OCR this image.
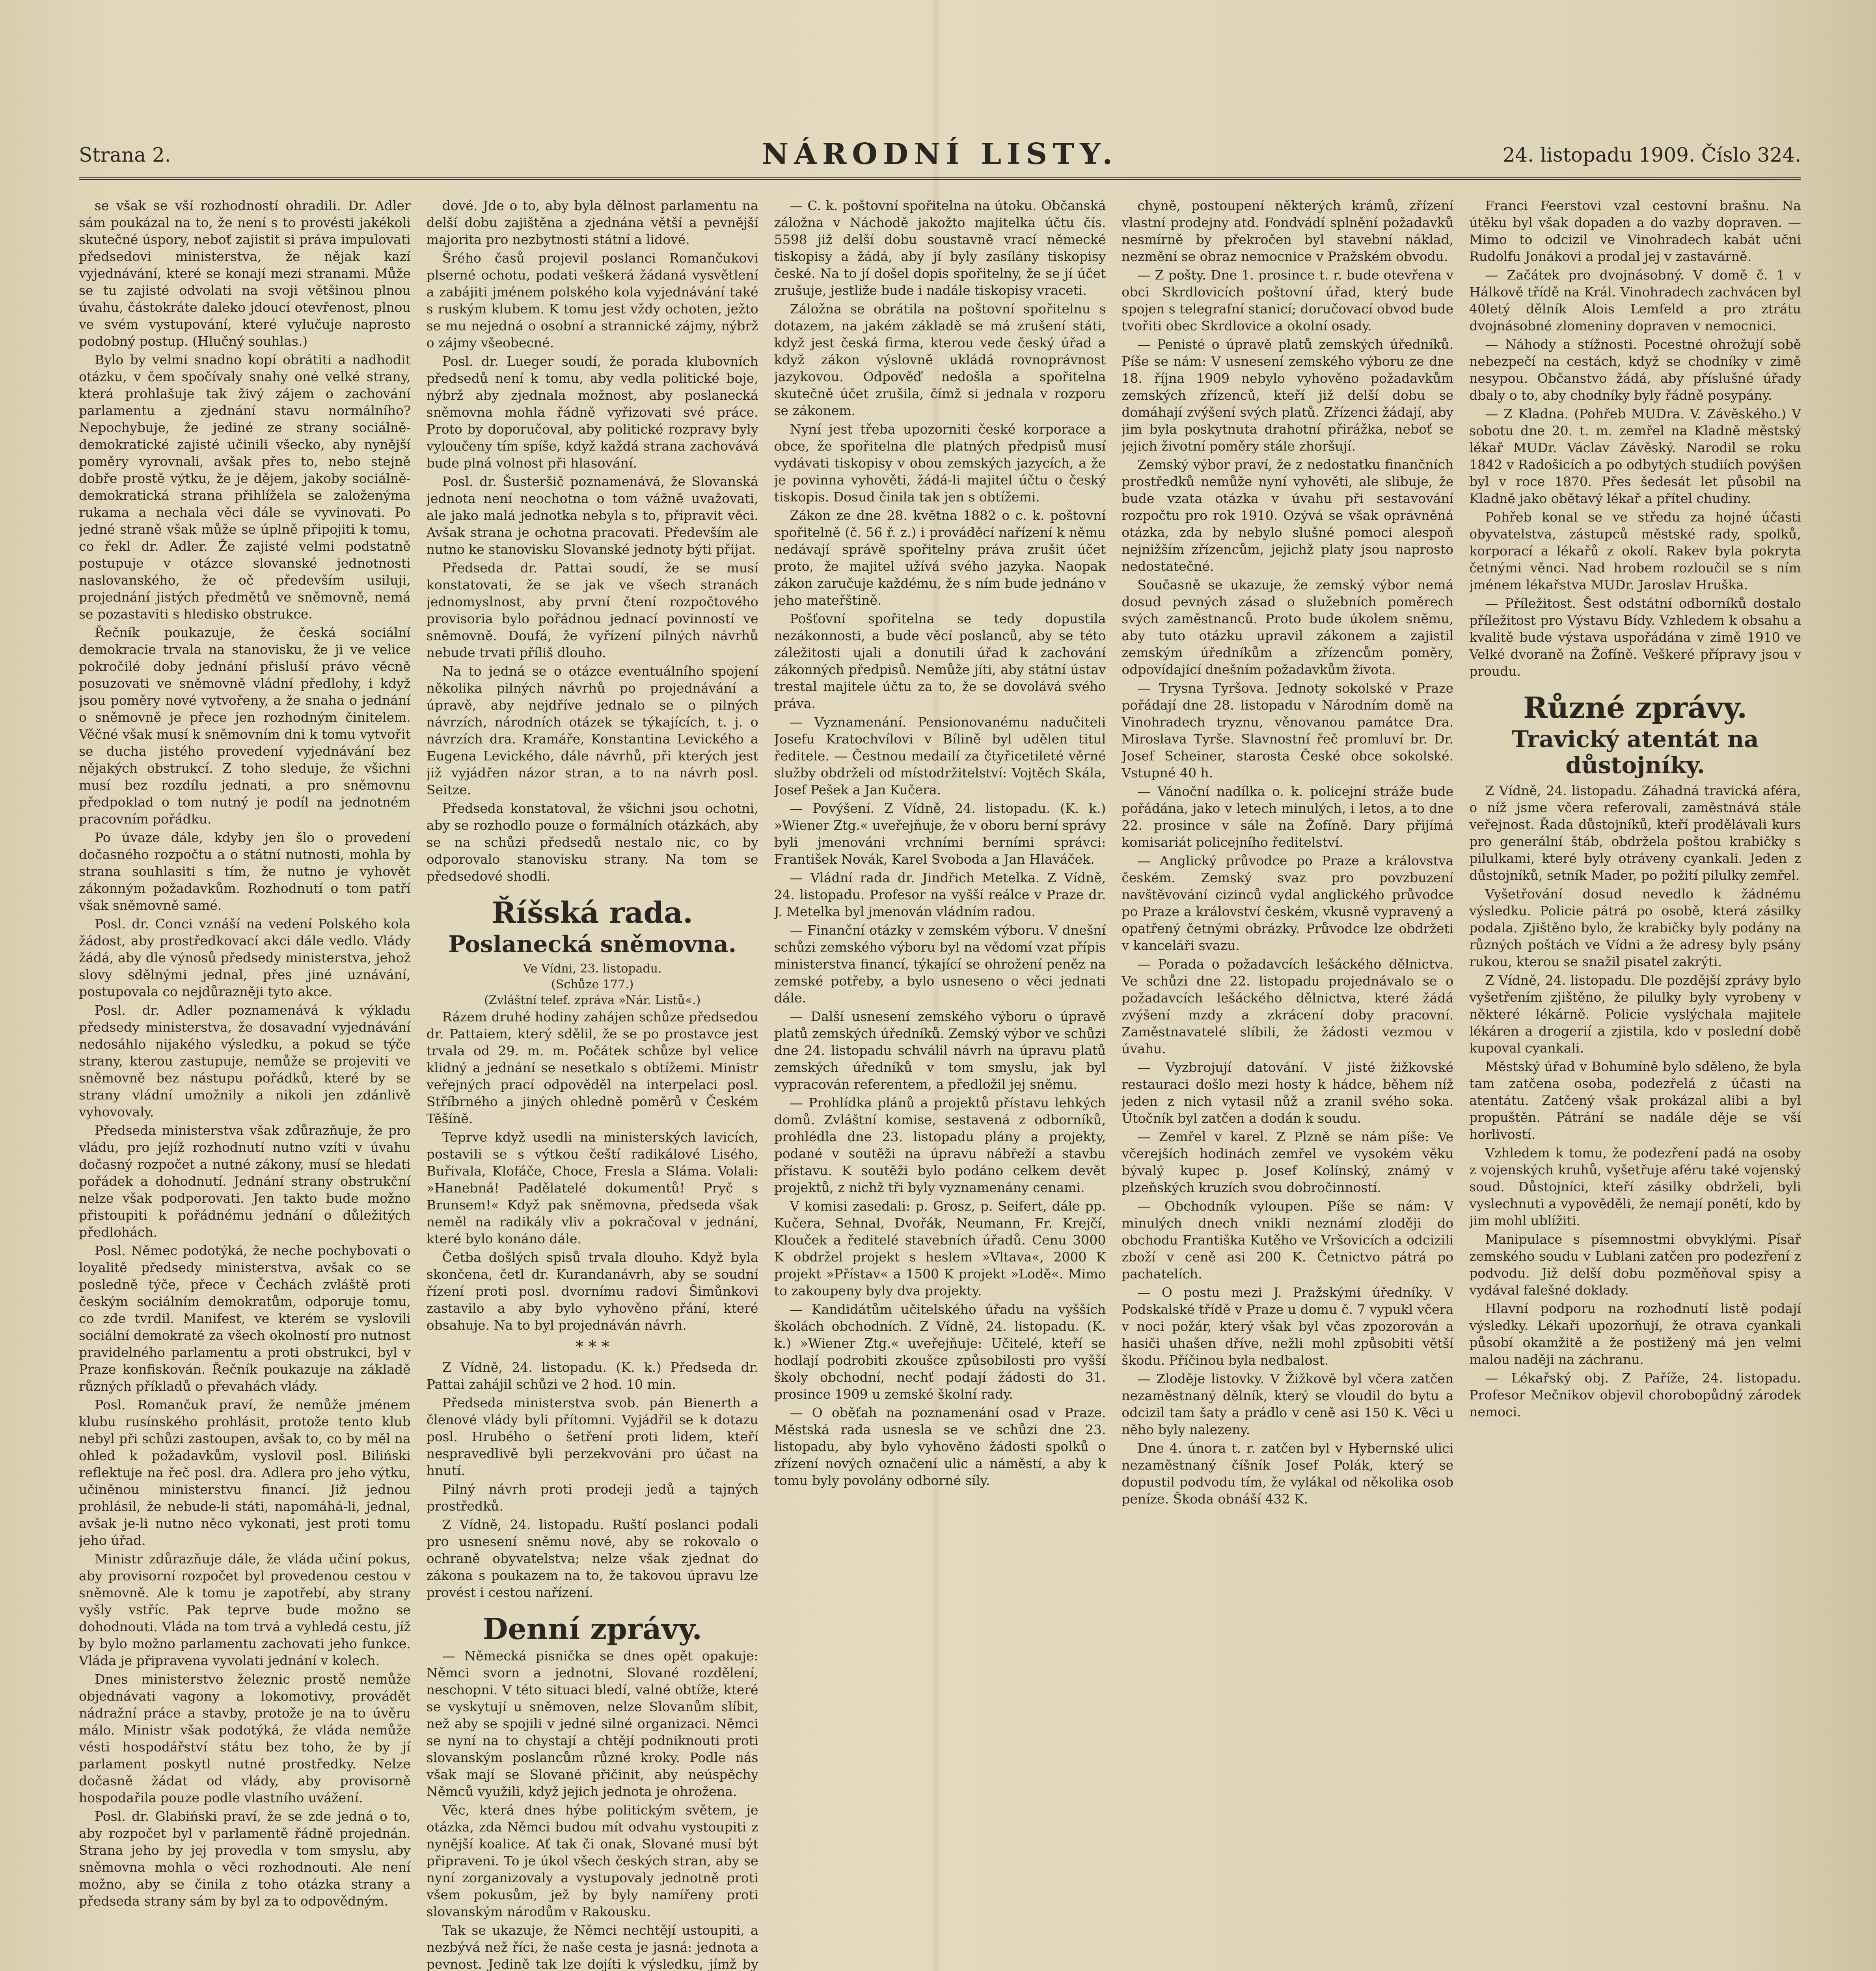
Strana 2.	NÁRODNÍ LISTY.	24. listopadu 1909. Číslo 324.

se však se vší rozhodností ohradili. Dr. Adler sám poukázal na to, že není s to provésti jakékoli skutečné úspory, neboť zajistit si práva impulovati předsedovi ministerstva, že nějak kazí vyjednávání, které se konají mezi stranami. Může se tu zajisté odvolati na svoji většinou plnou úvahu, částokráte daleko jdoucí otevřenost, plnou ve svém vystupování, které vylučuje naprosto podobný postup. (Hlučný souhlas.)

Bylo by velmi snadno kopí obrátiti a nadhodit otázku, v čem spočívaly snahy oné velké strany, která prohlašuje tak živý zájem o zachování parlamentu a zjednání stavu normálního? Nepochybuje, že jediné ze strany sociálně-demokratické zajisté učinili všecko, aby nynější poměry vyrovnali, avšak přes to, nebo stejně dobře prostě výtku, že je dějem, jakoby sociálně-demokratická strana přihlížela se založenýma rukama a nechala věci dále se vyvinovati. Po jedné straně však může se úplně připojiti k tomu, co řekl dr. Adler. Že zajisté velmi podstatně postupuje v otázce slovanské jednotnosti naslovanského, že oč především usiluji, projednání jistých předmětů ve sněmovně, nemá se pozastaviti s hledisko obstrukce.

Řečník poukazuje, že česká sociální demokracie trvala na stanovisku, že ji ve velice pokročilé doby jednání přisluší právo věcně posuzovati ve sněmovně vládní předlohy, i když jsou poměry nové vytvořeny, a že snaha o jednání o sněmovně je přece jen rozhodným činitelem. Věčné však musí k sněmovním dni k tomu vytvořit se ducha jistého provedení vyjednávání bez nějakých obstrukcí. Z toho sleduje, že všichni musí bez rozdílu jednati, a pro sněmovnu předpoklad o tom nutný je podíl na jednotném pracovním pořádku.

Po úvaze dále, kdyby jen šlo o provedení dočasného rozpočtu a o státní nutnosti, mohla by strana souhlasiti s tím, že nutno je vyhovět zákonným požadavkům. Rozhodnutí o tom patří však sněmovně samé.

Posl. dr. Conci vznáší na vedení Polského kola žádost, aby prostředkovací akci dále vedlo. Vlády žádá, aby dle výnosů předsedy ministerstva, jehož slovy sdělnými jednal, přes jiné uznávání, postupovala co nejdůrazněji tyto akce.

Posl. dr. Adler poznamenává k výkladu předsedy ministerstva, že dosavadní vyjednávání nedosáhlo nijakého výsledku, a pokud se týče strany, kterou zastupuje, nemůže se projeviti ve sněmovně bez nástupu pořádků, které by se strany vládní umožnily a nikoli jen zdánlivě vyhovovaly.

Předseda ministerstva však zdůrazňuje, že pro vládu, pro jejíž rozhodnutí nutno vzíti v úvahu dočasný rozpočet a nutné zákony, musí se hledati pořádek a dohodnutí. Jednání strany obstrukční nelze však podporovati. Jen takto bude možno přistoupiti k pořádnému jednání o důležitých předlohách.

Posl. Němec podotýká, že neche pochybovati o loyalitě předsedy ministerstva, avšak co se posledně týče, přece v Čechách zvláště proti českým sociálním demokratům, odporuje tomu, co zde tvrdil. Manifest, ve kterém se vyslovili sociální demokraté za všech okolností pro nutnost pravidelného parlamentu a proti obstrukci, byl v Praze konfiskován. Řečník poukazuje na základě různých příkladů o převahách vlády.

Posl. Romančuk praví, že nemůže jménem klubu rusínského prohlásit, protože tento klub nebyl při schůzi zastoupen, avšak to, co by měl na ohled k požadavkům, vyslovil posl. Biliński reflektuje na řeč posl. dra. Adlera pro jeho výtku, učiněnou ministerstvu financí. Již jednou prohlásil, že nebude-li státi, napomáhá-li, jednal, avšak je-li nutno něco vykonati, jest proti tomu jeho úřad.

Ministr zdůrazňuje dále, že vláda učiní pokus, aby provisorní rozpočet byl provedenou cestou v sněmovně. Ale k tomu je zapotřebí, aby strany vyšly vstříc. Pak teprve bude možno se dohodnouti. Vláda na tom trvá a vyhledá cestu, jíž by bylo možno parlamentu zachovati jeho funkce. Vláda je připravena vyvolati jednání v kolech.

Dnes ministerstvo železnic prostě nemůže objednávati vagony a lokomotivy, provádět nádražní práce a stavby, protože je na to úvěru málo. Ministr však podotýká, že vláda nemůže vésti hospodářství státu bez toho, že by jí parlament poskytl nutné prostředky. Nelze dočasně žádat od vlády, aby provisorně hospodařila pouze podle vlastního uvážení.

Posl. dr. Glabiński praví, že se zde jedná o to, aby rozpočet byl v parlamentě řádně projednán. Strana jeho by jej provedla v tom smyslu, aby sněmovna mohla o věci rozhodnouti. Ale není možno, aby se činila z toho otázka strany a předseda strany sám by byl za to odpovědným.

dové. Jde o to, aby byla dělnost parlamentu na delší dobu zajištěna a zjednána větší a pevnější majorita pro nezbytnosti státní a lidové.

Šrého časů projevil poslanci Romančukovi plserné ochotu, podati veškerá žádaná vysvětlení a zabájiti jménem polského kola vyjednávání také s ruským klubem. K tomu jest vždy ochoten, ježto se mu nejedná o osobní a strannické zájmy, nýbrž o zájmy všeobecné.

Posl. dr. Lueger soudí, že porada klubovních předsedů není k tomu, aby vedla politické boje, nýbrž aby zjednala možnost, aby poslanecká sněmovna mohla řádně vyřizovati své práce. Proto by doporučoval, aby politické rozpravy byly vyloučeny tím spíše, když každá strana zachovává bude plná volnost při hlasování.

Posl. dr. Šusteršič poznamenává, že Slovanská jednota není neochotna o tom vážně uvažovati, ale jako malá jednotka nebyla s to, připravit věci. Avšak strana je ochotna pracovati. Především ale nutno ke stanovisku Slovanské jednoty býti přijat.

Předseda dr. Pattai soudí, že se musí konstatovati, že se jak ve všech stranách jednomyslnost, aby první čtení rozpočtového provisoria bylo pořádnou jednací povinností ve sněmovně. Doufá, že vyřízení pilných návrhů nebude trvati příliš dlouho.

Na to jedná se o otázce eventuálního spojení několika pilných návrhů po projednávání a úpravě, aby nejdříve jednalo se o pilných návrzích, národních otázek se týkajících, t. j. o návrzích dra. Kramáře, Konstantina Levického a Eugena Levického, dále návrhů, při kterých jest již vyjádřen názor stran, a to na návrh posl. Seitze.

Předseda konstatoval, že všichni jsou ochotni, aby se rozhodlo pouze o formálních otázkách, aby se na schůzi předsedů nestalo nic, co by odporovalo stanovisku strany. Na tom se předsedové shodli.

Říšská rada.
Poslanecká sněmovna.
Ve Vídni, 23. listopadu.
(Schůze 177.)
(Zvláštní telef. zpráva »Nár. Listů«.)

Rázem druhé hodiny zahájen schůze předsedou dr. Pattaiem, který sdělil, že se po prostavce jest trvala od 29. m. m. Počátek schůze byl velice klidný a jednání se nesetkalo s obtížemi. Ministr veřejných prací odpověděl na interpelaci posl. Stříbrného a jiných ohledně poměrů v Českém Těšíně.

Teprve když usedli na ministerských lavicích, postavili se s výtkou čeští radikálové Lisého, Buřivala, Klofáče, Choce, Fresla a Sláma. Volali: »Hanebná! Padělatelé dokumentů! Pryč s Brunsem!« Když pak sněmovna, předseda však neměl na radikály vliv a pokračoval v jednání, které bylo konáno dále.

Četba došlých spisů trvala dlouho. Když byla skončena, četl dr. Kurandanávrh, aby se soudní řízení proti posl. dvornímu radovi Šimůnkovi zastavilo a aby bylo vyhověno přání, které obsahuje. Na to byl projednáván návrh.

* * *

Z Vídně, 24. listopadu. (K. k.) Předseda dr. Pattai zahájil schůzi ve 2 hod. 10 min.

Předseda ministerstva svob. pán Bienerth a členové vlády byli přítomni. Vyjádřil se k dotazu posl. Hrubého o šetření proti lidem, kteří nespravedlivě byli perzekvováni pro účast na hnutí.

Pilný návrh proti prodeji jedů a tajných prostředků.

Z Vídně, 24. listopadu. Ruští poslanci podali pro usnesení sněmu nové, aby se rokovalo o ochraně obyvatelstva; nelze však zjednat do zákona s poukazem na to, že takovou úpravu lze provést i cestou nařízení.

Denní zprávy.

— Německá pisnička se dnes opět opakuje: Němci svorn a jednotni, Slované rozdělení, neschopni. V této situaci bledí, valné obtíže, které se vyskytují u sněmoven, nelze Slovanům slíbit, než aby se spojili v jedné silné organizaci. Němci se nyní na to chystají a chtějí podniknouti proti slovanským poslancům různé kroky. Podle nás však mají se Slované přičinit, aby neúspěchy Němců využili, když jejich jednota je ohrožena.

Věc, která dnes hýbe politickým světem, je otázka, zda Němci budou mít odvahu vystoupiti z nynější koalice. Ať tak či onak, Slované musí být připraveni. To je úkol všech českých stran, aby se nyní zorganizovaly a vystupovaly jednotně proti všem pokusům, jež by byly namířeny proti slovanským národům v Rakousku.

Tak se ukazuje, že Němci nechtějí ustoupiti, a nezbývá než říci, že naše cesta je jasná: jednota a pevnost. Jedině tak lze dojíti k výsledku, jímž by

— C. k. poštovní spořitelna na útoku. Občanská záložna v Náchodě jakožto majitelka účtu čís. 5598 již delší dobu soustavně vrací německé tiskopisy a žádá, aby jí byly zasílány tiskopisy české. Na to jí došel dopis spořitelny, že se jí účet zrušuje, jestliže bude i nadále tiskopisy vraceti.

Záložna se obrátila na poštovní spořitelnu s dotazem, na jakém základě se má zrušení státi, když jest česká firma, kterou vede český úřad a když zákon výslovně ukládá rovnoprávnost jazykovou. Odpověď nedošla a spořitelna skutečně účet zrušila, čímž si jednala v rozporu se zákonem.

Nyní jest třeba upozorniti české korporace a obce, že spořitelna dle platných předpisů musí vydávati tiskopisy v obou zemských jazycích, a že je povinna vyhověti, žádá-li majitel účtu o český tiskopis. Dosud činila tak jen s obtížemi.

Zákon ze dne 28. května 1882 o c. k. poštovní spořitelně (č. 56 ř. z.) i prováděcí nařízení k němu nedávají správě spořitelny práva zrušit účet proto, že majitel užívá svého jazyka. Naopak zákon zaručuje každému, že s ním bude jednáno v jeho mateřštině.

Pošťovní spořitelna se tedy dopustila nezákonnosti, a bude věcí poslanců, aby se této záležitosti ujali a donutili úřad k zachování zákonných předpisů. Nemůže jíti, aby státní ústav trestal majitele účtu za to, že se dovolává svého práva.

— Vyznamenání. Pensionovanému nadučiteli Josefu Kratochvílovi v Bílině byl udělen titul ředitele. — Čestnou medailí za čtyřicetileté věrné služby obdrželi od místodržitelství: Vojtěch Skála, Josef Pešek a Jan Kučera.

— Povýšení. Z Vídně, 24. listopadu. (K. k.) »Wiener Ztg.« uveřejňuje, že v oboru berní správy byli jmenováni vrchními berními správci: František Novák, Karel Svoboda a Jan Hlaváček.

— Vládní rada dr. Jindřich Metelka. Z Vídně, 24. listopadu. Profesor na vyšší reálce v Praze dr. J. Metelka byl jmenován vládním radou.

— Finanční otázky v zemském výboru. V dnešní schůzi zemského výboru byl na vědomí vzat přípis ministerstva financí, týkající se ohrožení peněz na zemské potřeby, a bylo usneseno o věci jednati dále.

— Další usnesení zemského výboru o úpravě platů zemských úředníků. Zemský výbor ve schůzi dne 24. listopadu schválil návrh na úpravu platů zemských úředníků v tom smyslu, jak byl vypracován referentem, a předložil jej sněmu.

— Prohlídka plánů a projektů přístavu lehkých domů. Zvláštní komise, sestavená z odborníků, prohlédla dne 23. listopadu plány a projekty, podané v soutěži na úpravu nábřeží a stavbu přístavu. K soutěži bylo podáno celkem devět projektů, z nichž tři byly vyznamenány cenami.

V komisi zasedali: p. Grosz, p. Seifert, dále pp. Kučera, Sehnal, Dvořák, Neumann, Fr. Krejčí, Klouček a ředitelé stavebních úřadů. Cenu 3000 K obdržel projekt s heslem »Vltava«, 2000 K projekt »Přístav« a 1500 K projekt »Lodě«. Mimo to zakoupeny byly dva projekty.

— Kandidátům učitelského úřadu na vyšších školách obchodních. Z Vídně, 24. listopadu. (K. k.) »Wiener Ztg.« uveřejňuje: Učitelé, kteří se hodlají podrobiti zkoušce způsobilosti pro vyšší školy obchodní, nechť podají žádosti do 31. prosince 1909 u zemské školní rady.

— O oběťah na poznamenání osad v Praze. Městská rada usnesla se ve schůzi dne 23. listopadu, aby bylo vyhověno žádosti spolků o zřízení nových označení ulic a náměstí, a aby k tomu byly povolány odborné síly.

chyně, postoupení některých krámů, zřízení vlastní prodejny atd. Fondvádí splnění požadavků nesmírně by překročen byl stavební náklad, nezmění se obraz nemocnice v Pražském obvodu.

— Z pošty. Dne 1. prosince t. r. bude otevřena v obci Skrdlovicích poštovní úřad, který bude spojen s telegrafní stanicí; doručovací obvod bude tvořiti obec Skrdlovice a okolní osady.

— Penisté o úpravě platů zemských úředníků. Píše se nám: V usnesení zemského výboru ze dne 18. října 1909 nebylo vyhověno požadavkům zemských zřízenců, kteří již delší dobu se domáhají zvýšení svých platů. Zřízenci žádají, aby jim byla poskytnuta drahotní přirážka, neboť se jejich životní poměry stále zhoršují.

Zemský výbor praví, že z nedostatku finančních prostředků nemůže nyní vyhověti, ale slibuje, že bude vzata otázka v úvahu při sestavování rozpočtu pro rok 1910. Ozývá se však oprávněná otázka, zda by nebylo slušné pomoci alespoň nejnižším zřízencům, jejichž platy jsou naprosto nedostatečné.

Současně se ukazuje, že zemský výbor nemá dosud pevných zásad o služebních poměrech svých zaměstnanců. Proto bude úkolem sněmu, aby tuto otázku upravil zákonem a zajistil zemským úředníkům a zřízencům poměry, odpovídající dnešním požadavkům života.

— Trysna Tyršova. Jednoty sokolské v Praze pořádají dne 28. listopadu v Národním domě na Vinohradech tryznu, věnovanou památce Dra. Miroslava Tyrše. Slavnostní řeč promluví br. Dr. Josef Scheiner, starosta České obce sokolské. Vstupné 40 h.

— Vánoční nadílka o. k. policejní stráže bude pořádána, jako v letech minulých, i letos, a to dne 22. prosince v sále na Žofíně. Dary přijímá komisariát policejního ředitelství.

— Anglický průvodce po Praze a královstva českém. Zemský svaz pro povzbuzení navštěvování cizinců vydal anglického průvodce po Praze a království českém, vkusně vypravený a opatřený četnými obrázky. Průvodce lze obdržeti v kanceláři svazu.

— Porada o požadavcích lešáckého dělnictva. Ve schůzi dne 22. listopadu projednávalo se o požadavcích lešáckého dělnictva, které žádá zvýšení mzdy a zkrácení doby pracovní. Zaměstnavatelé slíbili, že žádosti vezmou v úvahu.

— Vyzbrojují datování. V jisté žižkovské restauraci došlo mezi hosty k hádce, během níž jeden z nich vytasil nůž a zranil svého soka. Útočník byl zatčen a dodán k soudu.

— Zemřel v karel. Z Plzně se nám píše: Ve včerejších hodinách zemřel ve vysokém věku bývalý kupec p. Josef Kolínský, známý v plzeňských kruzích svou dobročinností.

— Obchodník vyloupen. Píše se nám: V minulých dnech vnikli neznámí zloději do obchodu Františka Kutěho ve Vršovicích a odcizili zboží v ceně asi 200 K. Četnictvo pátrá po pachatelích.

— O postu mezi J. Pražskými úředníky. V Podskalské třídě v Praze u domu č. 7 vypukl včera v noci požár, který však byl včas zpozorován a hasiči uhašen dříve, nežli mohl způsobiti větší škodu. Příčinou byla nedbalost.

— Zloděje listovky. V Žižkově byl včera zatčen nezaměstnaný dělník, který se vloudil do bytu a odcizil tam šaty a prádlo v ceně asi 150 K. Věci u něho byly nalezeny.

Dne 4. února t. r. zatčen byl v Hybernské ulici nezaměstnaný číšník Josef Polák, který se dopustil podvodu tím, že vylákal od několika osob peníze. Škoda obnáší 432 K.

Franci Feerstovi vzal cestovní brašnu. Na útěku byl však dopaden a do vazby dopraven. — Mimo to odcizil ve Vinohradech kabát učni Rudolfu Jonákovi a prodal jej v zastavárně.

— Začátek pro dvojnásobný. V domě č. 1 v Hálkově třídě na Král. Vinohradech zachvácen byl 40letý dělník Alois Lemfeld a pro ztrátu dvojnásobné zlomeniny dopraven v nemocnici.

— Náhody a stížnosti. Pocestné ohrožují sobě nebezpečí na cestách, když se chodníky v zimě nesypou. Občanstvo žádá, aby příslušné úřady dbaly o to, aby chodníky byly řádně posypány.

— Z Kladna. (Pohřeb MUDra. V. Závěského.) V sobotu dne 20. t. m. zemřel na Kladně městský lékař MUDr. Václav Závěský. Narodil se roku 1842 v Radošicích a po odbytých studiích povýšen byl v roce 1870. Přes šedesát let působil na Kladně jako obětavý lékař a přítel chudiny.

Pohřeb konal se ve středu za hojné účasti obyvatelstva, zástupců městské rady, spolků, korporací a lékařů z okolí. Rakev byla pokryta četnými věnci. Nad hrobem rozloučil se s ním jménem lékařstva MUDr. Jaroslav Hruška.

— Příležitost. Šest odstátní odborníků dostalo příležitost pro Výstavu Bídy. Vzhledem k obsahu a kvalitě bude výstava uspořádána v zimě 1910 ve Velké dvoraně na Žofíně. Veškeré přípravy jsou v proudu.

Různé zprávy.
Travický atentát na důstojníky.

Z Vídně, 24. listopadu. Záhadná travická aféra, o níž jsme včera referovali, zaměstnává stále veřejnost. Řada důstojníků, kteří prodělávali kurs pro generální štáb, obdržela poštou krabičky s pilulkami, které byly otráveny cyankali. Jeden z důstojníků, setník Mader, po požití pilulky zemřel.

Vyšetřování dosud nevedlo k žádnému výsledku. Policie pátrá po osobě, která zásilky podala. Zjištěno bylo, že krabičky byly podány na různých poštách ve Vídni a že adresy byly psány rukou, kterou se snažil pisatel zakrýti.

Z Vídně, 24. listopadu. Dle pozdější zprávy bylo vyšetřením zjištěno, že pilulky byly vyrobeny v některé lékárně. Policie vyslýchala majitele lékáren a drogerií a zjistila, kdo v poslední době kupoval cyankali.

Městský úřad v Bohumíně bylo sděleno, že byla tam zatčena osoba, podezřelá z účasti na atentátu. Zatčený však prokázal alibi a byl propuštěn. Pátrání se nadále děje se vší horlivostí.

Vzhledem k tomu, že podezření padá na osoby z vojenských kruhů, vyšetřuje aféru také vojenský soud. Důstojníci, kteří zásilky obdrželi, byli vyslechnuti a vypověděli, že nemají ponětí, kdo by jim mohl ublížiti.

Manipulace s písemnostmi obvyklými. Písař zemského soudu v Lublani zatčen pro podezření z podvodu. Již delší dobu pozměňoval spisy a vydával falešné doklady.

Hlavní podporu na rozhodnutí listě podají výsledky. Lékaři upozorňují, že otrava cyankali působí okamžitě a že postižený má jen velmi malou naději na záchranu.

— Lékařský obj. Z Paříže, 24. listopadu. Profesor Mečnikov objevil chorobopůdný zárodek nemoci.
